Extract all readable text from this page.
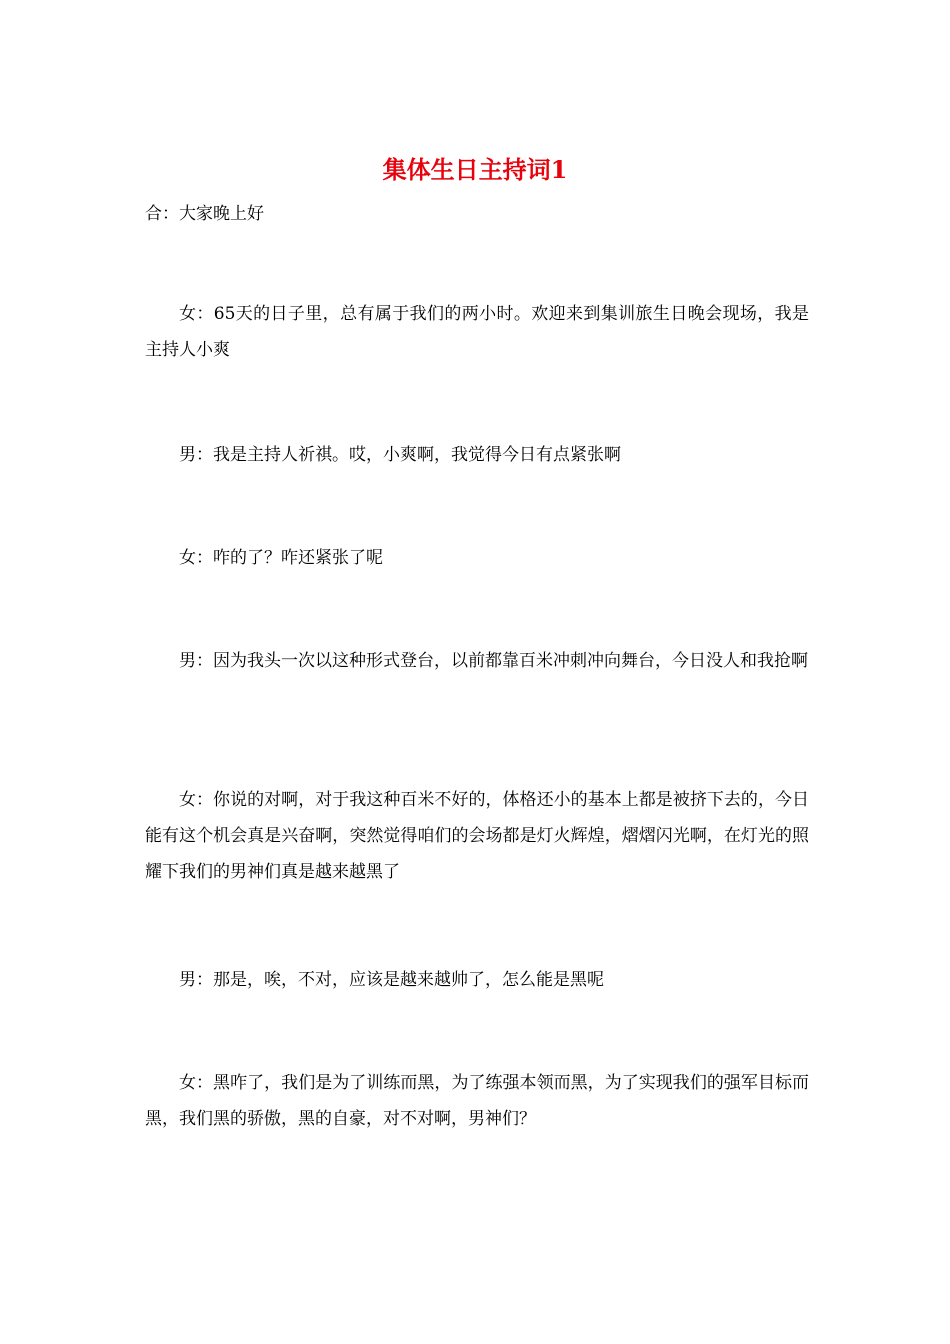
集体生日主持词1

合：大家晚上好

女：65天的日子里，总有属于我们的两小时。欢迎来到集训旅生日晚会现场，我是主持人小爽

男：我是主持人祈祺。哎，小爽啊，我觉得今日有点紧张啊

女：咋的了？咋还紧张了呢

男：因为我头一次以这种形式登台，以前都靠百米冲刺冲向舞台，今日没人和我抢啊

女：你说的对啊，对于我这种百米不好的，体格还小的基本上都是被挤下去的，今日能有这个机会真是兴奋啊，突然觉得咱们的会场都是灯火辉煌，熠熠闪光啊，在灯光的照耀下我们的男神们真是越来越黑了

男：那是，唉，不对，应该是越来越帅了，怎么能是黑呢

女：黑咋了，我们是为了训练而黑，为了练强本领而黑，为了实现我们的强军目标而黑，我们黑的骄傲，黑的自豪，对不对啊，男神们？
